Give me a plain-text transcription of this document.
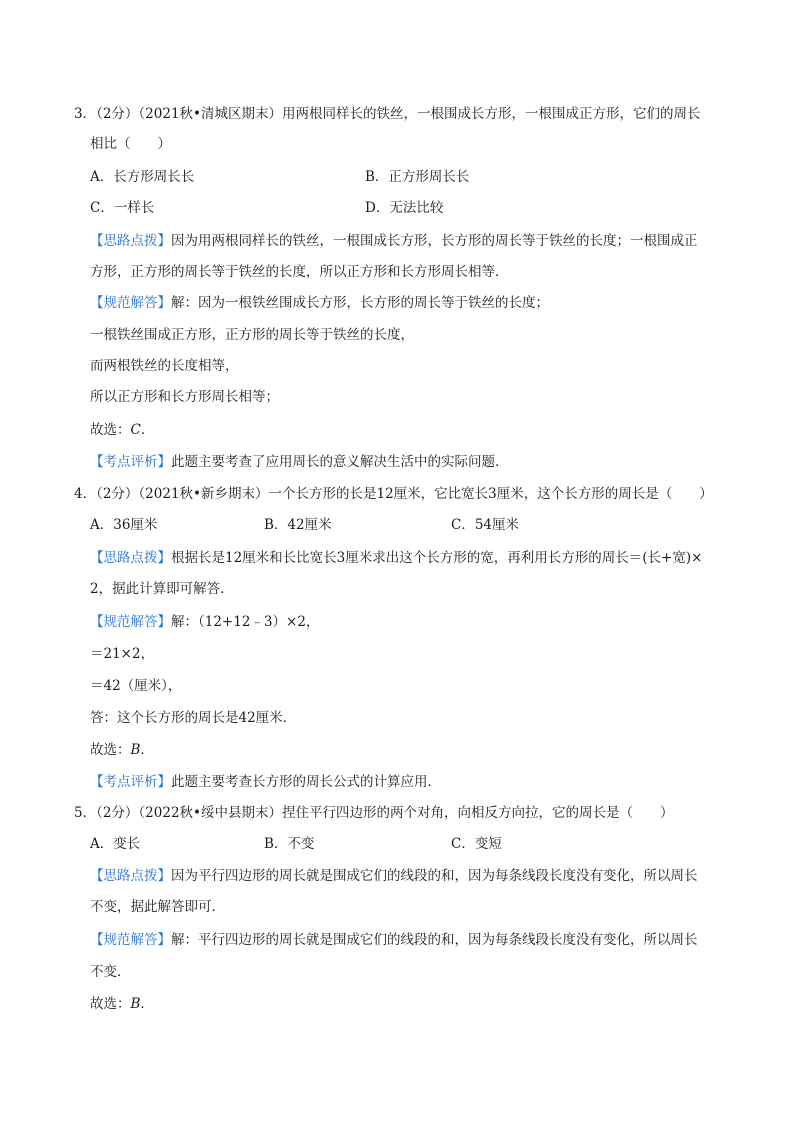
3．（2分）（2021秋•清城区期末）用两根同样长的铁丝，一根围成长方形，一根围成正方形，它们的周长
相比（　　）
A．长方形周长长	B．正方形周长长
C．一样长	D．无法比较
【思路点拨】因为用两根同样长的铁丝，一根围成长方形，长方形的周长等于铁丝的长度；一根围成正
方形，正方形的周长等于铁丝的长度，所以正方形和长方形周长相等．
【规范解答】解：因为一根铁丝围成长方形，长方形的周长等于铁丝的长度；
一根铁丝围成正方形，正方形的周长等于铁丝的长度，
而两根铁丝的长度相等，
所以正方形和长方形周长相等；
故选：C．
【考点评析】此题主要考查了应用周长的意义解决生活中的实际问题．
4．（2分）（2021秋•新乡期末）一个长方形的长是12厘米，它比宽长3厘米，这个长方形的周长是（　　）
A．36厘米	B．42厘米	C．54厘米
【思路点拨】根据长是12厘米和长比宽长3厘米求出这个长方形的宽，再利用长方形的周长＝(长+宽)×
2，据此计算即可解答．
【规范解答】解：（12+12﹣3）×2，
＝21×2，
＝42（厘米），
答：这个长方形的周长是42厘米．
故选：B．
【考点评析】此题主要考查长方形的周长公式的计算应用．
5．（2分）（2022秋•绥中县期末）捏住平行四边形的两个对角，向相反方向拉，它的周长是（　　）
A．变长	B．不变	C．变短
【思路点拨】因为平行四边形的周长就是围成它们的线段的和，因为每条线段长度没有变化，所以周长
不变，据此解答即可．
【规范解答】解：平行四边形的周长就是围成它们的线段的和，因为每条线段长度没有变化，所以周长
不变．
故选：B．
